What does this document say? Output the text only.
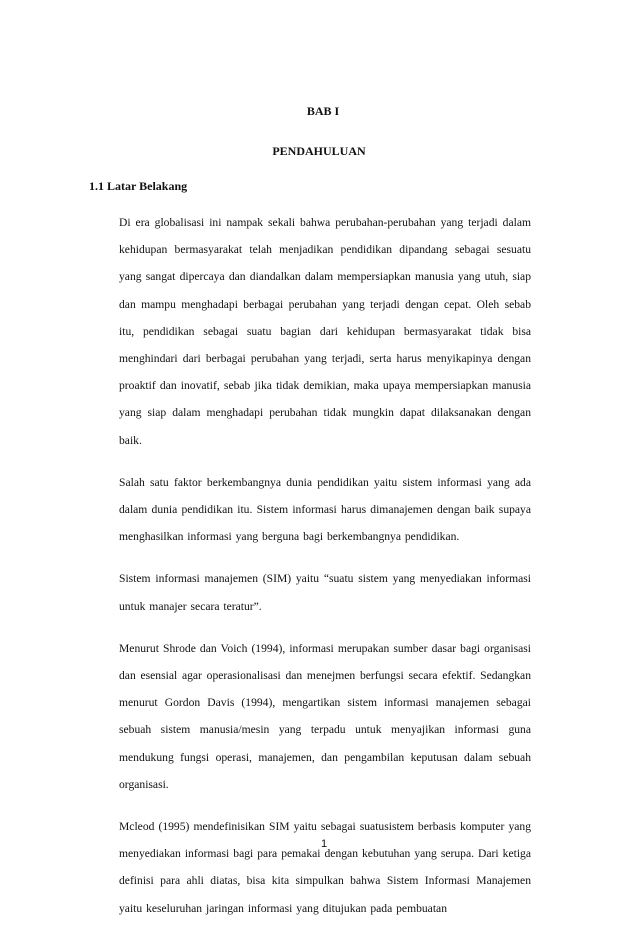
BAB I
PENDAHULUAN
1.1 Latar Belakang

Di era globalisasi ini nampak sekali bahwa perubahan-perubahan yang terjadi dalam kehidupan bermasyarakat telah menjadikan pendidikan dipandang sebagai sesuatu yang sangat dipercaya dan diandalkan dalam mempersiapkan manusia yang utuh, siap dan mampu menghadapi berbagai perubahan yang terjadi dengan cepat. Oleh sebab itu, pendidikan sebagai suatu bagian dari kehidupan bermasyarakat tidak bisa menghindari dari berbagai perubahan yang terjadi, serta harus menyikapinya dengan proaktif dan inovatif, sebab jika tidak demikian, maka upaya mempersiapkan manusia yang siap dalam menghadapi perubahan tidak mungkin dapat dilaksanakan dengan baik.

Salah satu faktor berkembangnya dunia pendidikan yaitu sistem informasi yang ada dalam dunia pendidikan itu. Sistem informasi harus dimanajemen dengan baik supaya menghasilkan informasi yang berguna bagi berkembangnya pendidikan.

Sistem informasi manajemen (SIM) yaitu “suatu sistem yang menyediakan informasi untuk manajer secara teratur”.

Menurut Shrode dan Voich (1994), informasi merupakan sumber dasar bagi organisasi dan esensial agar operasionalisasi dan menejmen berfungsi secara efektif. Sedangkan menurut Gordon Davis (1994), mengartikan sistem informasi manajemen sebagai sebuah sistem manusia/mesin yang terpadu untuk menyajikan informasi guna mendukung fungsi operasi, manajemen, dan pengambilan keputusan dalam sebuah organisasi.

Mcleod (1995) mendefinisikan SIM yaitu sebagai suatusistem berbasis komputer yang menyediakan informasi bagi para pemakai dengan kebutuhan yang serupa. Dari ketiga definisi para ahli diatas, bisa kita simpulkan bahwa Sistem Informasi Manajemen yaitu keseluruhan jaringan informasi yang ditujukan pada pembuatan

1
